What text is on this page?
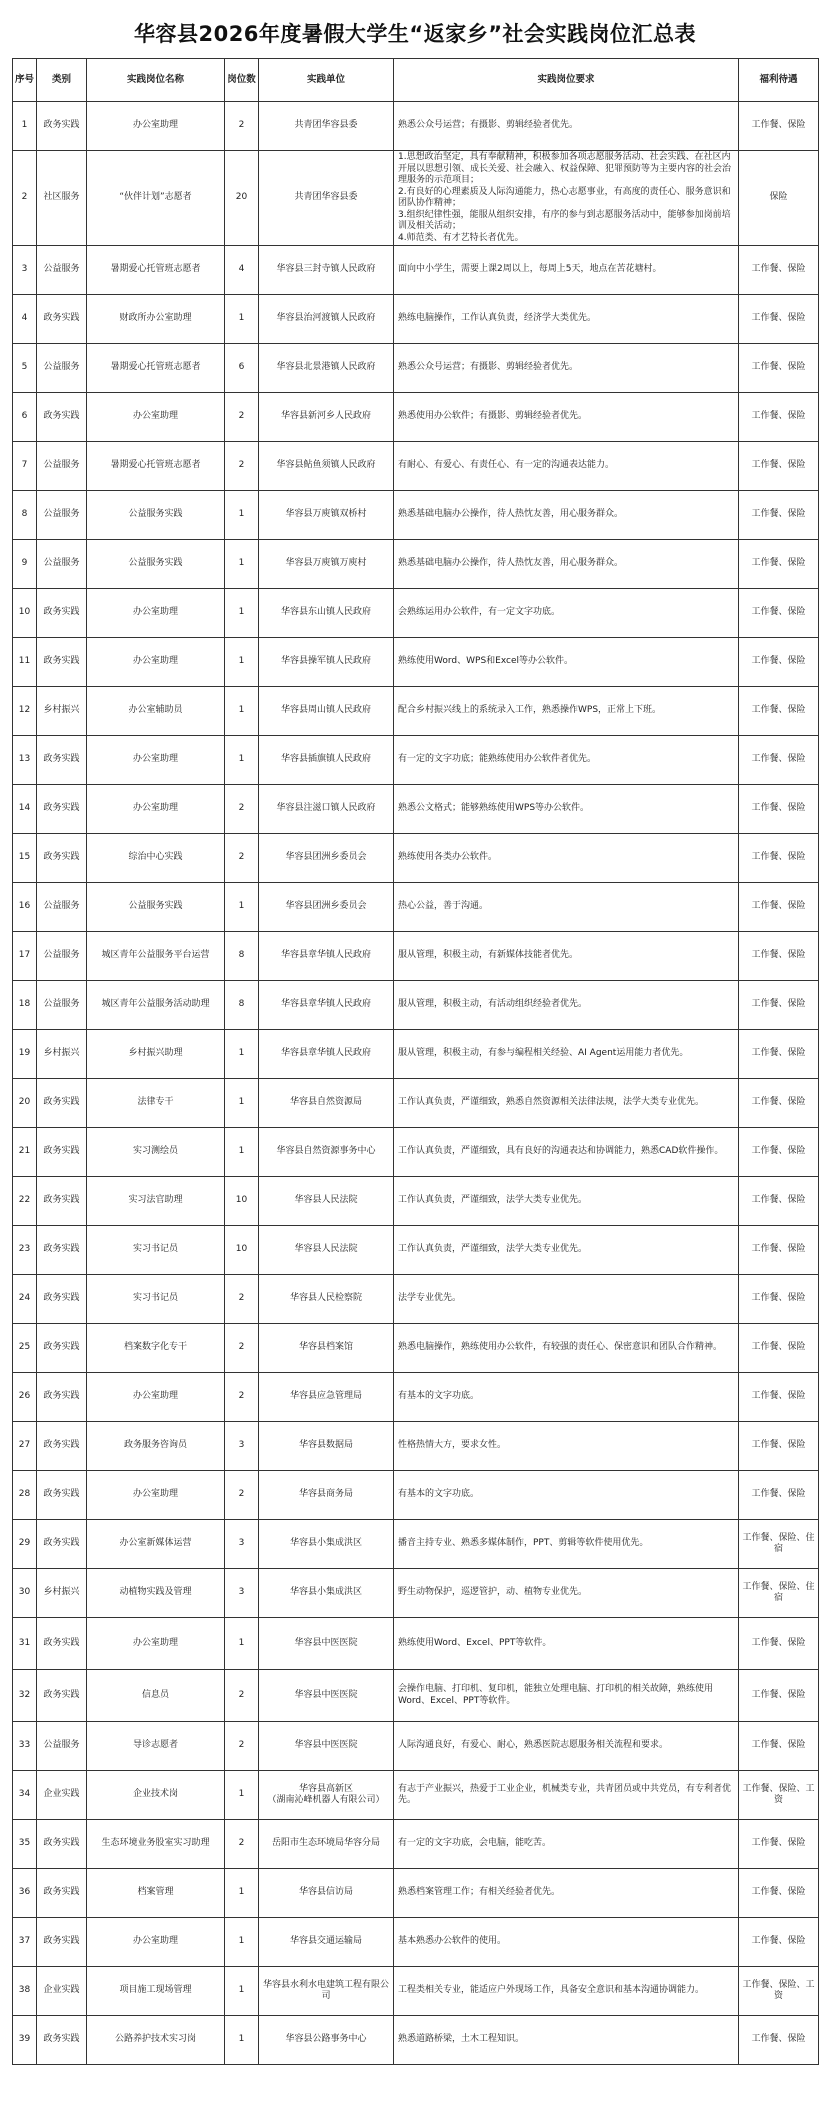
华容县2026年度暑假大学生“返家乡”社会实践岗位汇总表
序号	类别	实践岗位名称	岗位数	实践单位	实践岗位要求	福利待遇
1	政务实践	办公室助理	2	共青团华容县委	熟悉公众号运营；有摄影、剪辑经验者优先。	工作餐、保险
2	社区服务	“伙伴计划”志愿者	20	共青团华容县委	1.思想政治坚定，具有奉献精神，积极参加各项志愿服务活动、社会实践、在社区内开展以思想引领、成长关爱、社会融入、权益保障、犯罪预防等为主要内容的社会治理服务的示范项目；
2.有良好的心理素质及人际沟通能力，热心志愿事业，有高度的责任心、服务意识和团队协作精神；
3.组织纪律性强，能服从组织安排，有序的参与到志愿服务活动中，能够参加岗前培训及相关活动；
4.师范类、有才艺特长者优先。	保险
3	公益服务	暑期爱心托管班志愿者	4	华容县三封寺镇人民政府	面向中小学生，需要上课2周以上，每周上5天，地点在苦花塘村。	工作餐、保险
4	政务实践	财政所办公室助理	1	华容县治河渡镇人民政府	熟练电脑操作，工作认真负责，经济学大类优先。	工作餐、保险
5	公益服务	暑期爱心托管班志愿者	6	华容县北景港镇人民政府	熟悉公众号运营；有摄影、剪辑经验者优先。	工作餐、保险
6	政务实践	办公室助理	2	华容县新河乡人民政府	熟悉使用办公软件；有摄影、剪辑经验者优先。	工作餐、保险
7	公益服务	暑期爱心托管班志愿者	2	华容县鲇鱼须镇人民政府	有耐心、有爱心、有责任心、有一定的沟通表达能力。	工作餐、保险
8	公益服务	公益服务实践	1	华容县万庾镇双桥村	熟悉基础电脑办公操作，待人热忱友善，用心服务群众。	工作餐、保险
9	公益服务	公益服务实践	1	华容县万庾镇万庾村	熟悉基础电脑办公操作，待人热忱友善，用心服务群众。	工作餐、保险
10	政务实践	办公室助理	1	华容县东山镇人民政府	会熟练运用办公软件，有一定文字功底。	工作餐、保险
11	政务实践	办公室助理	1	华容县操军镇人民政府	熟练使用Word、WPS和Excel等办公软件。	工作餐、保险
12	乡村振兴	办公室辅助员	1	华容县周山镇人民政府	配合乡村振兴线上的系统录入工作，熟悉操作WPS，正常上下班。	工作餐、保险
13	政务实践	办公室助理	1	华容县插旗镇人民政府	有一定的文字功底；能熟练使用办公软件者优先。	工作餐、保险
14	政务实践	办公室助理	2	华容县注滋口镇人民政府	熟悉公文格式；能够熟练使用WPS等办公软件。	工作餐、保险
15	政务实践	综治中心实践	2	华容县团洲乡委员会	熟练使用各类办公软件。	工作餐、保险
16	公益服务	公益服务实践	1	华容县团洲乡委员会	热心公益，善于沟通。	工作餐、保险
17	公益服务	城区青年公益服务平台运营	8	华容县章华镇人民政府	服从管理，积极主动，有新媒体技能者优先。	工作餐、保险
18	公益服务	城区青年公益服务活动助理	8	华容县章华镇人民政府	服从管理，积极主动，有活动组织经验者优先。	工作餐、保险
19	乡村振兴	乡村振兴助理	1	华容县章华镇人民政府	服从管理，积极主动，有参与编程相关经验、AI Agent运用能力者优先。	工作餐、保险
20	政务实践	法律专干	1	华容县自然资源局	工作认真负责，严谨细致，熟悉自然资源相关法律法规，法学大类专业优先。	工作餐、保险
21	政务实践	实习测绘员	1	华容县自然资源事务中心	工作认真负责，严谨细致，具有良好的沟通表达和协调能力，熟悉CAD软件操作。	工作餐、保险
22	政务实践	实习法官助理	10	华容县人民法院	工作认真负责，严谨细致，法学大类专业优先。	工作餐、保险
23	政务实践	实习书记员	10	华容县人民法院	工作认真负责，严谨细致，法学大类专业优先。	工作餐、保险
24	政务实践	实习书记员	2	华容县人民检察院	法学专业优先。	工作餐、保险
25	政务实践	档案数字化专干	2	华容县档案馆	熟悉电脑操作，熟练使用办公软件，有较强的责任心、保密意识和团队合作精神。	工作餐、保险
26	政务实践	办公室助理	2	华容县应急管理局	有基本的文字功底。	工作餐、保险
27	政务实践	政务服务咨询员	3	华容县数据局	性格热情大方，要求女性。	工作餐、保险
28	政务实践	办公室助理	2	华容县商务局	有基本的文字功底。	工作餐、保险
29	政务实践	办公室新媒体运营	3	华容县小集成洪区	播音主持专业、熟悉多媒体制作，PPT、剪辑等软件使用优先。	工作餐、保险、住宿
30	乡村振兴	动植物实践及管理	3	华容县小集成洪区	野生动物保护，巡逻管护，动、植物专业优先。	工作餐、保险、住宿
31	政务实践	办公室助理	1	华容县中医医院	熟练使用Word、Excel、PPT等软件。	工作餐、保险
32	政务实践	信息员	2	华容县中医医院	会操作电脑、打印机、复印机，能独立处理电脑、打印机的相关故障，熟练使用Word、Excel、PPT等软件。	工作餐、保险
33	公益服务	导诊志愿者	2	华容县中医医院	人际沟通良好，有爱心、耐心，熟悉医院志愿服务相关流程和要求。	工作餐、保险
34	企业实践	企业技术岗	1	华容县高新区
（湖南沁峰机器人有限公司）	有志于产业振兴，热爱于工业企业，机械类专业，共青团员或中共党员，有专利者优先。	工作餐、保险、工资
35	政务实践	生态环境业务股室实习助理	2	岳阳市生态环境局华容分局	有一定的文字功底，会电脑，能吃苦。	工作餐、保险
36	政务实践	档案管理	1	华容县信访局	熟悉档案管理工作；有相关经验者优先。	工作餐、保险
37	政务实践	办公室助理	1	华容县交通运输局	基本熟悉办公软件的使用。	工作餐、保险
38	企业实践	项目施工现场管理	1	华容县水利水电建筑工程有限公司	工程类相关专业，能适应户外现场工作，具备安全意识和基本沟通协调能力。	工作餐、保险、工资
39	政务实践	公路养护技术实习岗	1	华容县公路事务中心	熟悉道路桥梁，土木工程知识。	工作餐、保险
